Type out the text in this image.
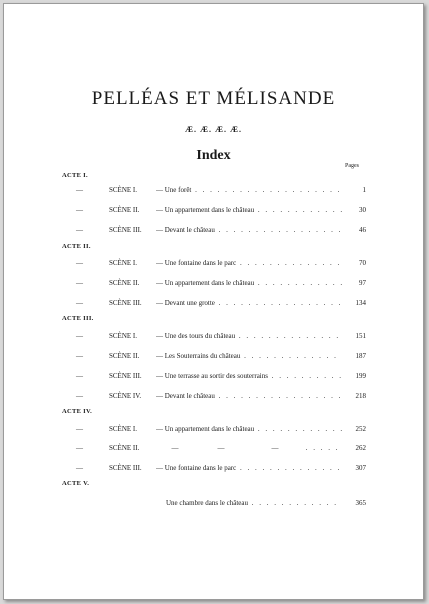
PELLÉAS ET MÉLISANDE
Æ. Æ. Æ. Æ.
Index
Pages
ACTE I.
—	SCÈNE I.	— Une forêt . . .	1
—	SCÈNE II. — Un appartement dans le château . . .	30
—	SCÈNE III. — Devant le château . . .	46
ACTE II.
—	SCÈNE I.	— Une fontaine dans le parc . . .	70
—	SCÈNE II. — Un appartement dans le château . . .	97
—	SCÈNE III. — Devant une grotte . . .	134
ACTE III.
—	SCÈNE I.	— Une des tours du château . . .	151
—	SCÈNE II. — Les Souterrains du château . . .	187
—	SCÈNE III. — Une terrasse au sortir des souterrains . . .	199
—	SCÈNE IV. — Devant le château . . .	218
ACTE IV.
—	SCÈNE I.	— Un appartement dans le château . . .	252
—	SCÈNE II.	—	—	— . . .	262
—	SCÈNE III. — Une fontaine dans le parc . . .	307
ACTE V.
Une chambre dans le château . . .	365
